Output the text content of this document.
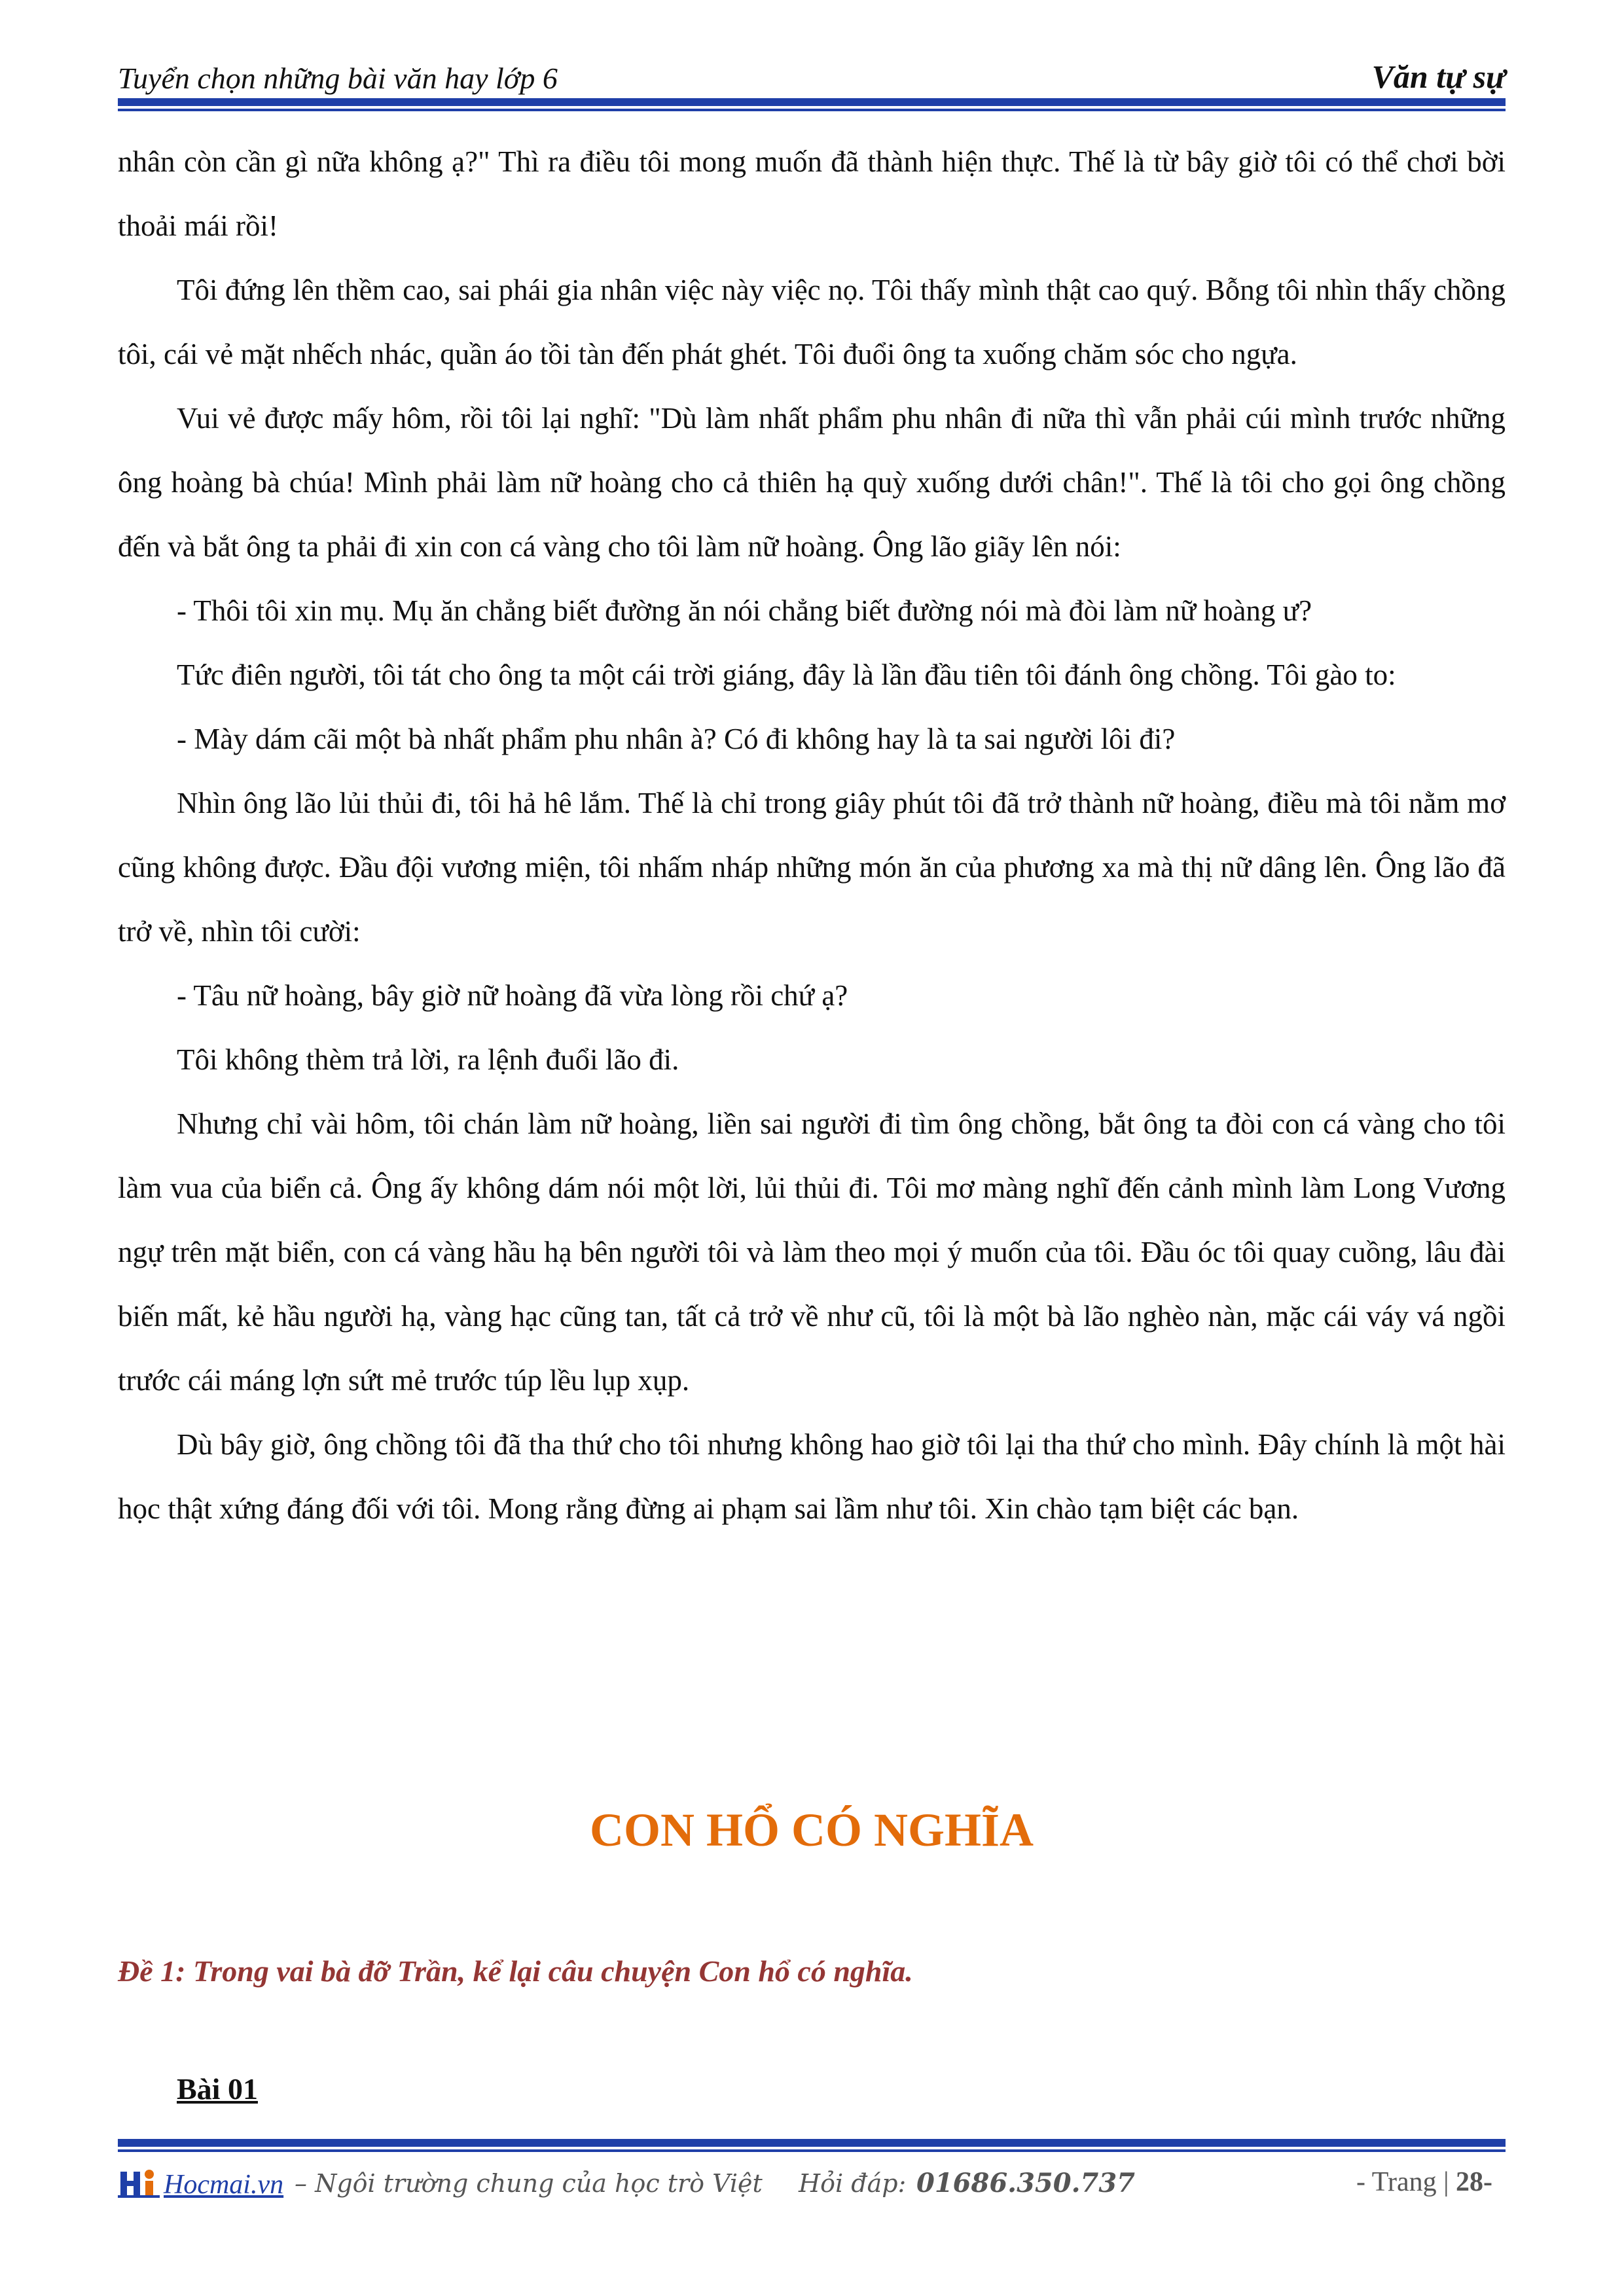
Tuyển chọn những bài văn hay lớp 6	Văn tự sự

nhân còn cần gì nữa không ạ?" Thì ra điều tôi mong muốn đã thành hiện thực. Thế là từ bây giờ tôi có thể chơi bời thoải mái rồi!

Tôi đứng lên thềm cao, sai phái gia nhân việc này việc nọ. Tôi thấy mình thật cao quý. Bỗng tôi nhìn thấy chồng tôi, cái vẻ mặt nhếch nhác, quần áo tồi tàn đến phát ghét. Tôi đuổi ông ta xuống chăm sóc cho ngựa.

Vui vẻ được mấy hôm, rồi tôi lại nghĩ: "Dù làm nhất phẩm phu nhân đi nữa thì vẫn phải cúi mình trước những ông hoàng bà chúa! Mình phải làm nữ hoàng cho cả thiên hạ quỳ xuống dưới chân!". Thế là tôi cho gọi ông chồng đến và bắt ông ta phải đi xin con cá vàng cho tôi làm nữ hoàng. Ông lão giãy lên nói:

- Thôi tôi xin mụ. Mụ ăn chẳng biết đường ăn nói chẳng biết đường nói mà đòi làm nữ hoàng ư?

Tức điên người, tôi tát cho ông ta một cái trời giáng, đây là lần đầu tiên tôi đánh ông chồng. Tôi gào to:

- Mày dám cãi một bà nhất phẩm phu nhân à? Có đi không hay là ta sai người lôi đi?

Nhìn ông lão lủi thủi đi, tôi hả hê lắm. Thế là chỉ trong giây phút tôi đã trở thành nữ hoàng, điều mà tôi nằm mơ cũng không được. Đầu đội vương miện, tôi nhấm nháp những món ăn của phương xa mà thị nữ dâng lên. Ông lão đã trở về, nhìn tôi cười:

- Tâu nữ hoàng, bây giờ nữ hoàng đã vừa lòng rồi chứ ạ?

Tôi không thèm trả lời, ra lệnh đuổi lão đi.

Nhưng chỉ vài hôm, tôi chán làm nữ hoàng, liền sai người đi tìm ông chồng, bắt ông ta đòi con cá vàng cho tôi làm vua của biển cả. Ông ấy không dám nói một lời, lủi thủi đi. Tôi mơ màng nghĩ đến cảnh mình làm Long Vương ngự trên mặt biển, con cá vàng hầu hạ bên người tôi và làm theo mọi ý muốn của tôi. Đầu óc tôi quay cuồng, lâu đài biến mất, kẻ hầu người hạ, vàng hạc cũng tan, tất cả trở về như cũ, tôi là một bà lão nghèo nàn, mặc cái váy vá ngồi trước cái máng lợn sứt mẻ trước túp lều lụp xụp.

Dù bây giờ, ông chồng tôi đã tha thứ cho tôi nhưng không hao giờ tôi lại tha thứ cho mình. Đây chính là một hài học thật xứng đáng đối với tôi. Mong rằng đừng ai phạm sai lầm như tôi. Xin chào tạm biệt các bạn.

CON HỔ CÓ NGHĨA
Đề 1: Trong vai bà đỡ Trần, kể lại câu chuyện Con hổ có nghĩa.
Bài 01
Hocmai.vn – Ngôi trường chung của học trò Việt Hỏi đáp: 01686.350.737	- Trang | 28-
